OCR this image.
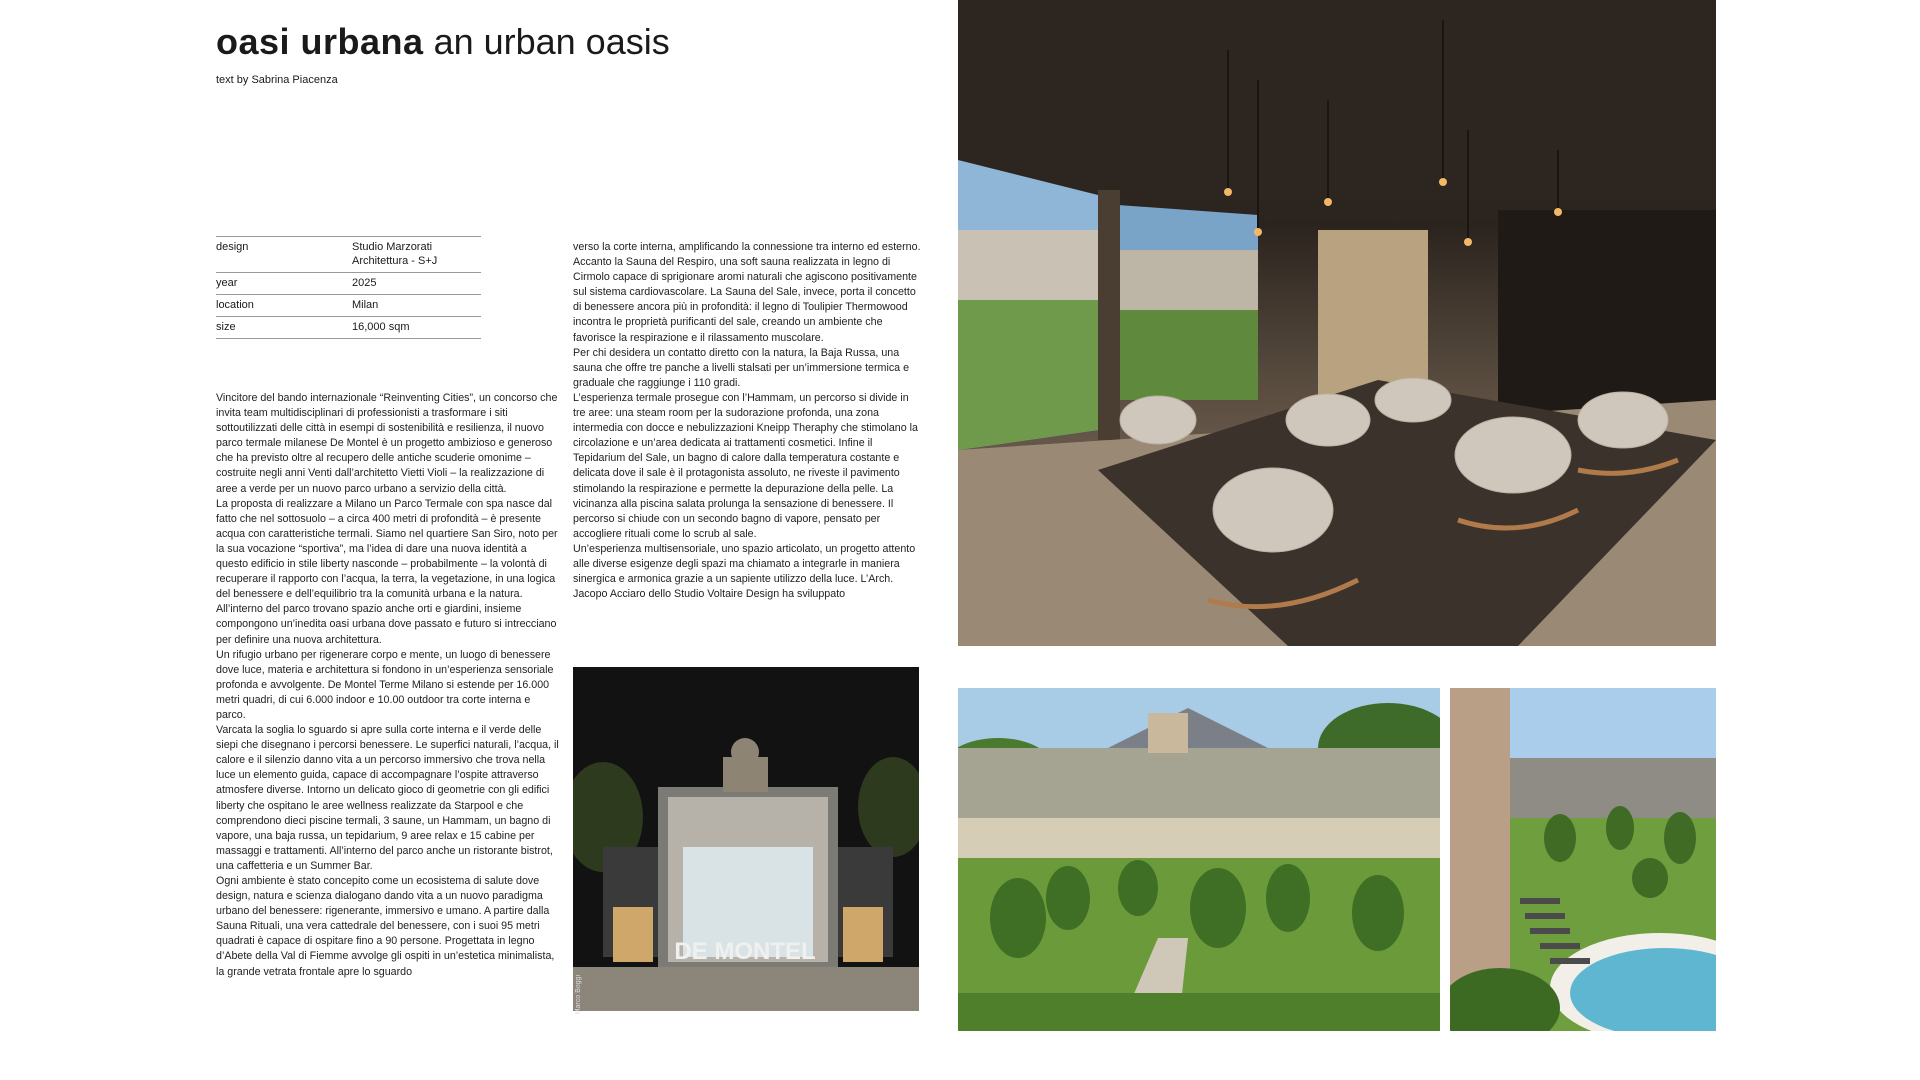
oasi urbana an urban oasis
text by Sabrina Piacenza
design	Studio Marzorati Architettura - S+J
year	2025
location	Milan
size	16,000 sqm

Vincitore del bando internazionale “Reinventing Cities”, un concorso che invita team multidisciplinari di professionisti a trasformare i siti sottoutilizzati delle città in esempi di sostenibilità e resilienza, il nuovo parco termale milanese De Montel è un progetto ambizioso e generoso che ha previsto oltre al recupero delle antiche scuderie omonime – costruite negli anni Venti dall’architetto Vietti Violi – la realizzazione di aree a verde per un nuovo parco urbano a servizio della città.

La proposta di realizzare a Milano un Parco Termale con spa nasce dal fatto che nel sottosuolo – a circa 400 metri di profondità – è presente acqua con caratteristiche termali. Siamo nel quartiere San Siro, noto per la sua vocazione “sportiva”, ma l’idea di dare una nuova identità a questo edificio in stile liberty nasconde – probabilmente – la volontà di recuperare il rapporto con l’acqua, la terra, la vegetazione, in una logica del benessere e dell’equilibrio tra la comunità urbana e la natura. All’interno del parco trovano spazio anche orti e giardini, insieme compongono un’inedita oasi urbana dove passato e futuro si intrecciano per definire una nuova architettura.

Un rifugio urbano per rigenerare corpo e mente, un luogo di benessere dove luce, materia e architettura si fondono in un’esperienza sensoriale profonda e avvolgente. De Montel Terme Milano si estende per 16.000 metri quadri, di cui 6.000 indoor e 10.00 outdoor tra corte interna e parco.

Varcata la soglia lo sguardo si apre sulla corte interna e il verde delle siepi che disegnano i percorsi benessere. Le superfici naturali, l’acqua, il calore e il silenzio danno vita a un percorso immersivo che trova nella luce un elemento guida, capace di accompagnare l’ospite attraverso atmosfere diverse. Intorno un delicato gioco di geometrie con gli edifici liberty che ospitano le aree wellness realizzate da Starpool e che comprendono dieci piscine termali, 3 saune, un Hammam, un bagno di vapore, una baja russa, un tepidarium, 9 aree relax e 15 cabine per massaggi e trattamenti. All’interno del parco anche un ristorante bistrot, una caffetteria e un Summer Bar.

Ogni ambiente è stato concepito come un ecosistema di salute dove design, natura e scienza dialogano dando vita a un nuovo paradigma urbano del benessere: rigenerante, immersivo e umano. A partire dalla Sauna Rituali, una vera cattedrale del benessere, con i suoi 95 metri quadrati è capace di ospitare fino a 90 persone. Progettata in legno d’Abete della Val di Fiemme avvolge gli ospiti in un’estetica minimalista, la grande vetrata frontale apre lo sguardo

verso la corte interna, amplificando la connessione tra interno ed esterno. Accanto la Sauna del Respiro, una soft sauna realizzata in legno di Cirmolo capace di sprigionare aromi naturali che agiscono positivamente sul sistema cardiovascolare. La Sauna del Sale, invece, porta il concetto di benessere ancora più in profondità: il legno di Toulipier Thermowood incontra le proprietà purificanti del sale, creando un ambiente che favorisce la respirazione e il rilassamento muscolare.

Per chi desidera un contatto diretto con la natura, la Baja Russa, una sauna che offre tre panche a livelli stalsati per un’immersione termica e graduale che raggiunge i 110 gradi.

L’esperienza termale prosegue con l’Hammam, un percorso si divide in tre aree: una steam room per la sudorazione profonda, una zona intermedia con docce e nebulizzazioni Kneipp Theraphy che stimolano la circolazione e un’area dedicata ai trattamenti cosmetici. Infine il Tepidarium del Sale, un bagno di calore dalla temperatura costante e delicata dove il sale è il protagonista assoluto, ne riveste il pavimento stimolando la respirazione e permette la depurazione della pelle. La vicinanza alla piscina salata prolunga la sensazione di benessere. Il percorso si chiude con un secondo bagno di vapore, pensato per accogliere rituali come lo scrub al sale.

Un’esperienza multisensoriale, uno spazio articolato, un progetto attento alle diverse esigenze degli spazi ma chiamato a integrarle in maniera sinergica e armonica grazie a un sapiente utilizzo della luce. L’Arch. Jacopo Acciaro dello Studio Voltaire Design ha sviluppato

DE MONTEL
Marco Boggi
